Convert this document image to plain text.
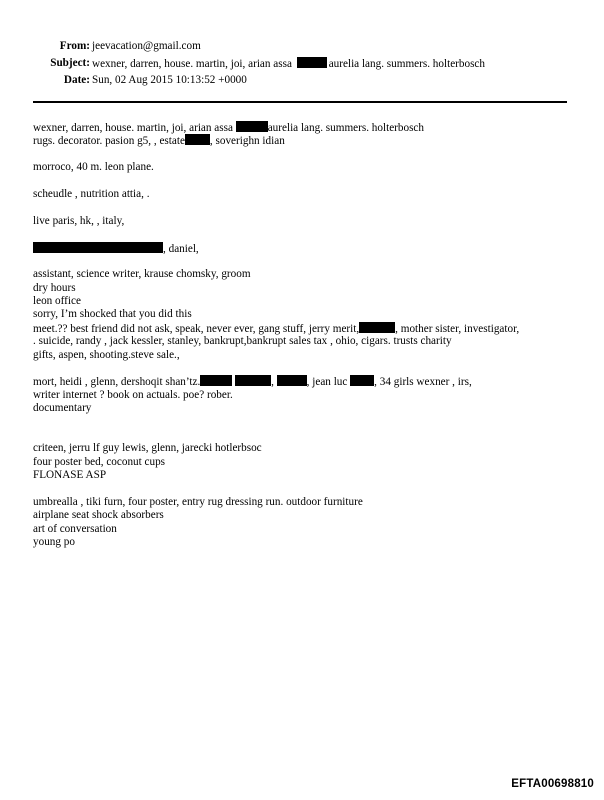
From: jeevacation@gmail.com
Subject: wexner, darren, house. martin, joi, arian assa	aurelia lang. summers. holterbosch
Date: Sun, 02 Aug 2015 10:13:52 +0000
wexner, darren, house. martin, joi, arian assa	aurelia lang. summers. holterbosch
rugs. decorator. pasion g5, , estate , soverighn idian
morroco, 40 m. leon plane.
scheudle , nutrition attia, .
live paris, hk, , italy,
, daniel,
assistant, science writer, krause chomsky, groom
dry hours
leon office
sorry, I’m shocked that you did this
meet.?? best friend did not ask, speak, never ever, gang stuff, jerry merit,	, mother sister, investigator,
. suicide, randy , jack kessler, stanley, bankrupt,bankrupt sales tax , ohio, cigars. trusts charity
gifts, aspen, shooting.steve sale.,
mort, heidi , glenn, dershoqit shan’tz.	,	, jean luc , 34 girls wexner , irs,
writer internet ? book on actuals. poe? rober.
documentary
criteen, jerru lf guy lewis, glenn, jarecki hotlerbsoc
four poster bed, coconut cups
FLONASE ASP
umbrealla , tiki furn, four poster, entry rug dressing run. outdoor furniture
airplane seat shock absorbers
art of conversation
young po
EFTA00698810
